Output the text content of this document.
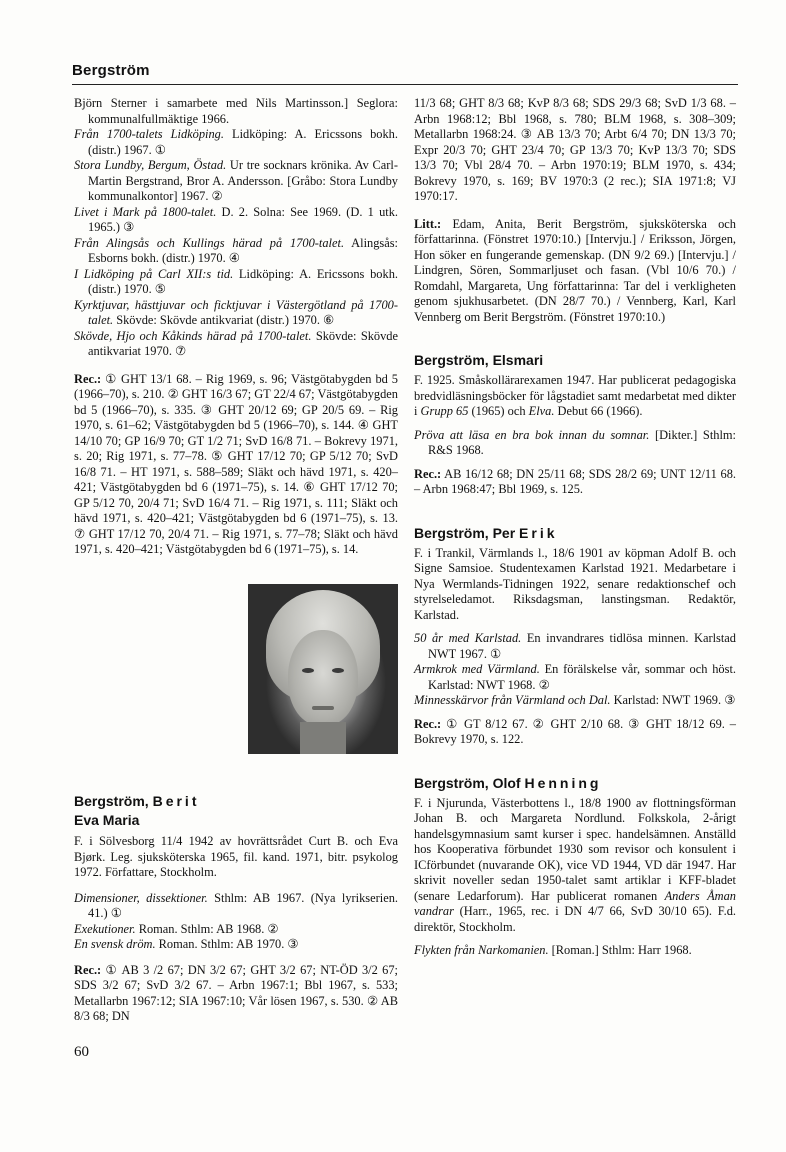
Bergström

Björn Sterner i samarbete med Nils Martinsson.] Seglora: kommunalfullmäktige 1966.

Från 1700-talets Lidköping. Lidköping: A. Ericssons bokh. (distr.) 1967. ①

Stora Lundby, Bergum, Östad. Ur tre socknars krönika. Av Carl-Martin Bergstrand, Bror A. Andersson. [Gråbo: Stora Lundby kommunalkontor] 1967. ②

Livet i Mark på 1800-talet. D. 2. Solna: See 1969. (D. 1 utk. 1965.) ③

Från Alingsås och Kullings härad på 1700-talet. Alingsås: Esborns bokh. (distr.) 1970. ④

I Lidköping på Carl XII:s tid. Lidköping: A. Ericssons bokh. (distr.) 1970. ⑤

Kyrktjuvar, hästtjuvar och ficktjuvar i Västergötland på 1700-talet. Skövde: Skövde antikvariat (distr.) 1970. ⑥

Skövde, Hjo och Kåkinds härad på 1700-talet. Skövde: Skövde antikvariat 1970. ⑦

Rec.: ① GHT 13/1 68. – Rig 1969, s. 96; Västgötabygden bd 5 (1966–70), s. 210. ② GHT 16/3 67; GT 22/4 67; Västgötabygden bd 5 (1966–70), s. 335. ③ GHT 20/12 69; GP 20/5 69. – Rig 1970, s. 61–62; Västgötabygden bd 5 (1966–70), s. 144. ④ GHT 14/10 70; GP 16/9 70; GT 1/2 71; SvD 16/8 71. – Bokrevy 1971, s. 20; Rig 1971, s. 77–78. ⑤ GHT 17/12 70; GP 5/12 70; SvD 16/8 71. – HT 1971, s. 588–589; Släkt och hävd 1971, s. 420–421; Västgötabygden bd 6 (1971–75), s. 14. ⑥ GHT 17/12 70; GP 5/12 70, 20/4 71; SvD 16/4 71. – Rig 1971, s. 111; Släkt och hävd 1971, s. 420–421; Västgötabygden bd 6 (1971–75), s. 13. ⑦ GHT 17/12 70, 20/4 71. – Rig 1971, s. 77–78; Släkt och hävd 1971, s. 420–421; Västgötabygden bd 6 (1971–75), s. 14.

Bergström, Berit
Eva Maria

F. i Sölvesborg 11/4 1942 av hovrättsrådet Curt B. och Eva Bjørk. Leg. sjuksköterska 1965, fil. kand. 1971, bitr. psykolog 1972. Författare, Stockholm.

Dimensioner, dissektioner. Sthlm: AB 1967. (Nya lyrikserien. 41.) ①

Exekutioner. Roman. Sthlm: AB 1968. ②

En svensk dröm. Roman. Sthlm: AB 1970. ③

Rec.: ① AB 3 /2 67; DN 3/2 67; GHT 3/2 67; NT-ÖD 3/2 67; SDS 3/2 67; SvD 3/2 67. – Arbn 1967:1; Bbl 1967, s. 533; Metallarbn 1967:12; SIA 1967:10; Vår lösen 1967, s. 530. ② AB 8/3 68; DN

11/3 68; GHT 8/3 68; KvP 8/3 68; SDS 29/3 68; SvD 1/3 68. – Arbn 1968:12; Bbl 1968, s. 780; BLM 1968, s. 308–309; Metallarbn 1968:24. ③ AB 13/3 70; Arbt 6/4 70; DN 13/3 70; Expr 20/3 70; GHT 23/4 70; GP 13/3 70; KvP 13/3 70; SDS 13/3 70; Vbl 28/4 70. – Arbn 1970:19; BLM 1970, s. 434; Bokrevy 1970, s. 169; BV 1970:3 (2 rec.); SIA 1971:8; VJ 1970:17.

Litt.: Edam, Anita, Berit Bergström, sjuksköterska och författarinna. (Fönstret 1970:10.) [Intervju.] / Eriksson, Jörgen, Hon söker en fungerande gemenskap. (DN 9/2 69.) [Intervju.] / Lindgren, Sören, Sommarljuset och fasan. (Vbl 10/6 70.) / Romdahl, Margareta, Ung författarinna: Tar del i verkligheten genom sjukhusarbetet. (DN 28/7 70.) / Vennberg, Karl, Karl Vennberg om Berit Bergström. (Fönstret 1970:10.)

Bergström, Elsmari

F. 1925. Småskollärarexamen 1947. Har publicerat pedagogiska bredvidläsningsböcker för lågstadiet samt medarbetat med dikter i Grupp 65 (1965) och Elva. Debut 66 (1966).

Pröva att läsa en bra bok innan du somnar. [Dikter.] Sthlm: R&S 1968.

Rec.: AB 16/12 68; DN 25/11 68; SDS 28/2 69; UNT 12/11 68. – Arbn 1968:47; Bbl 1969, s. 125.

Bergström, Per Erik

F. i Trankil, Värmlands l., 18/6 1901 av köpman Adolf B. och Signe Samsioe. Studentexamen Karlstad 1921. Medarbetare i Nya Wermlands-Tidningen 1922, senare redaktionschef och styrelseledamot. Riksdagsman, lanstingsman. Redaktör, Karlstad.

50 år med Karlstad. En invandrares tidlösa minnen. Karlstad NWT 1967. ①

Armkrok med Värmland. En förälskelse vår, sommar och höst. Karlstad: NWT 1968. ②

Minnesskärvor från Värmland och Dal. Karlstad: NWT 1969. ③

Rec.: ① GT 8/12 67. ② GHT 2/10 68. ③ GHT 18/12 69. – Bokrevy 1970, s. 122.

Bergström, Olof Henning

F. i Njurunda, Västerbottens l., 18/8 1900 av flottningsförman Johan B. och Margareta Nordlund. Folkskola, 2-årigt handelsgymnasium samt kurser i spec. handelsämnen. Anställd hos Kooperativa förbundet 1930 som revisor och konsulent i ICförbundet (nuvarande OK), vice VD 1944, VD där 1947. Har skrivit noveller sedan 1950-talet samt artiklar i KFF-bladet (senare Ledarforum). Har publicerat romanen Anders Åman vandrar (Harr., 1965, rec. i DN 4/7 66, SvD 30/10 65). F.d. direktör, Stockholm.

Flykten från Narkomanien. [Roman.] Sthlm: Harr 1968.

60
